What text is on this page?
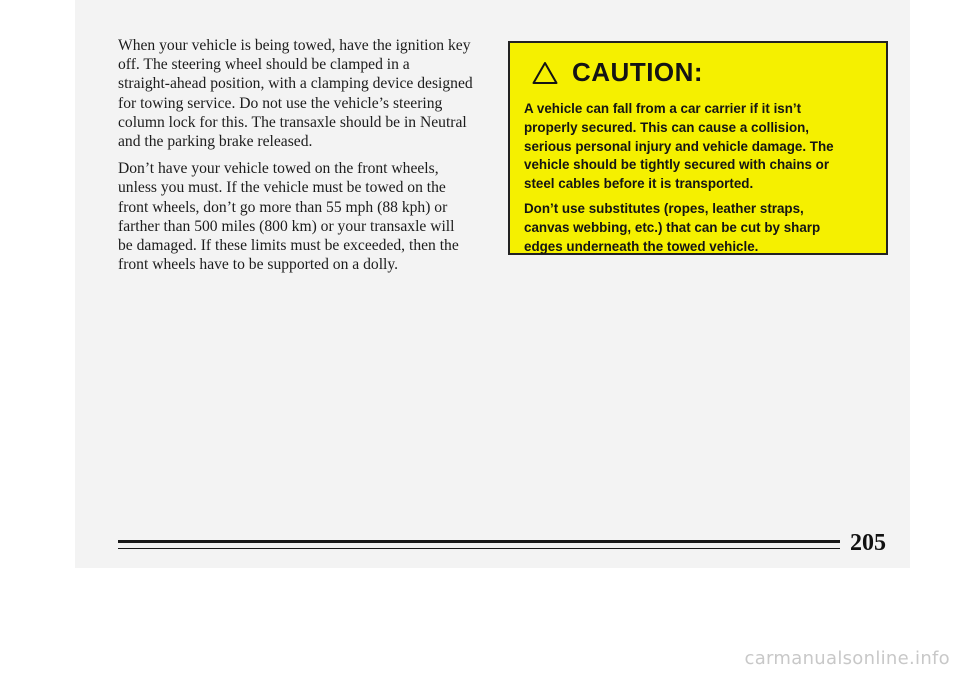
When your vehicle is being towed, have the ignition key
off. The steering wheel should be clamped in a
straight-ahead position, with a clamping device designed
for towing service. Do not use the vehicle’s steering
column lock for this. The transaxle should be in Neutral
and the parking brake released.

Don’t have your vehicle towed on the front wheels,
unless you must. If the vehicle must be towed on the
front wheels, don’t go more than 55 mph (88 kph) or
farther than 500 miles (800 km) or your transaxle will
be damaged. If these limits must be exceeded, then the
front wheels have to be supported on a dolly.

CAUTION:

A vehicle can fall from a car carrier if it isn’t
properly secured. This can cause a collision,
serious personal injury and vehicle damage. The
vehicle should be tightly secured with chains or
steel cables before it is transported.

Don’t use substitutes (ropes, leather straps,
canvas webbing, etc.) that can be cut by sharp
edges underneath the towed vehicle.

205
carmanualsonline.info
